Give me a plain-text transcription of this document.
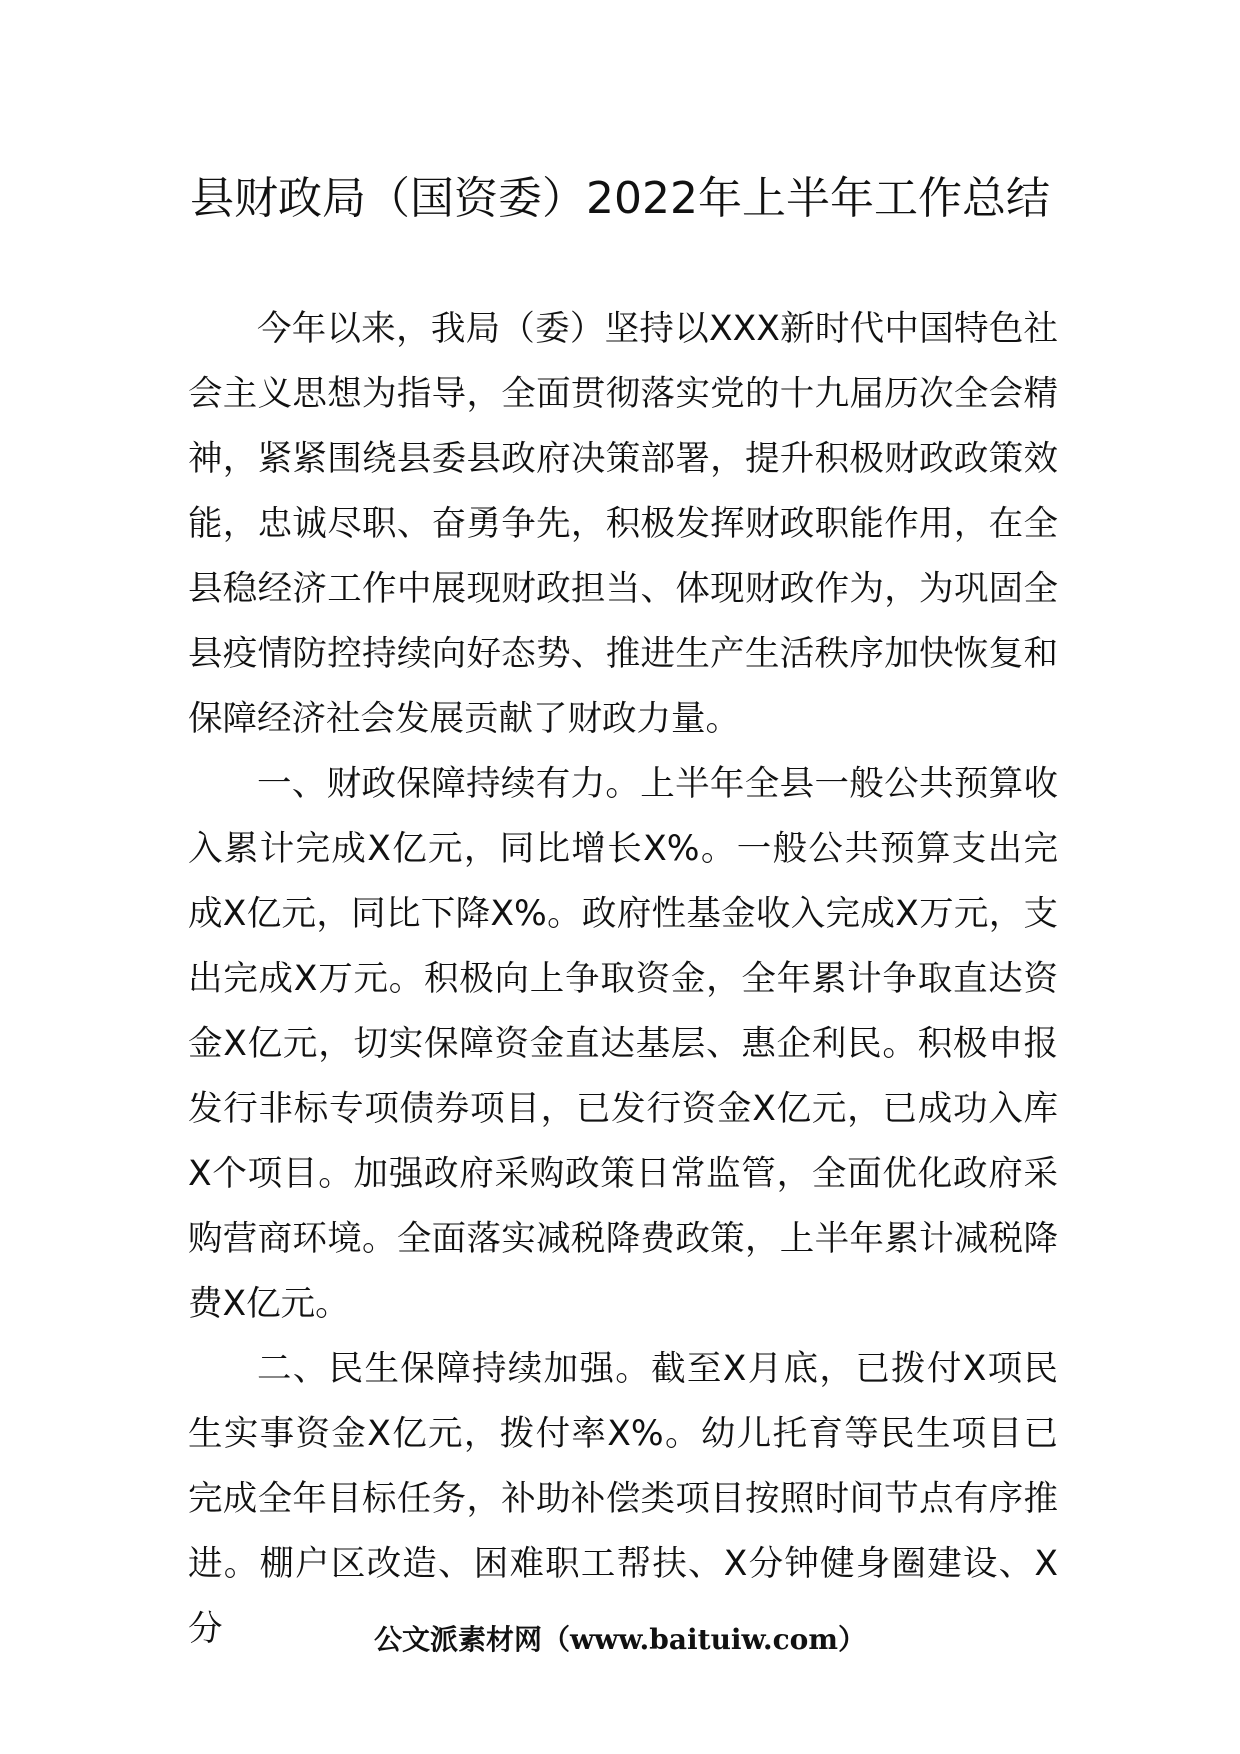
县财政局（国资委）2022年上半年工作总结

今年以来，我局（委）坚持以XXX新时代中国特色社会主义思想为指导，全面贯彻落实党的十九届历次全会精神，紧紧围绕县委县政府决策部署，提升积极财政政策效能，忠诚尽职、奋勇争先，积极发挥财政职能作用，在全县稳经济工作中展现财政担当、体现财政作为，为巩固全县疫情防控持续向好态势、推进生产生活秩序加快恢复和保障经济社会发展贡献了财政力量。

一、财政保障持续有力。上半年全县一般公共预算收入累计完成X亿元，同比增长X%。一般公共预算支出完成X亿元，同比下降X%。政府性基金收入完成X万元，支出完成X万元。积极向上争取资金，全年累计争取直达资金X亿元，切实保障资金直达基层、惠企利民。积极申报发行非标专项债券项目，已发行资金X亿元，已成功入库X个项目。加强政府采购政策日常监管，全面优化政府采购营商环境。全面落实减税降费政策，上半年累计减税降费X亿元。

二、民生保障持续加强。截至X月底，已拨付X项民生实事资金X亿元，拨付率X%。幼儿托育等民生项目已完成全年目标任务，补助补偿类项目按照时间节点有序推进。棚户区改造、困难职工帮扶、X分钟健身圈建设、X分	公文派素材网（www.baituiw.com）
